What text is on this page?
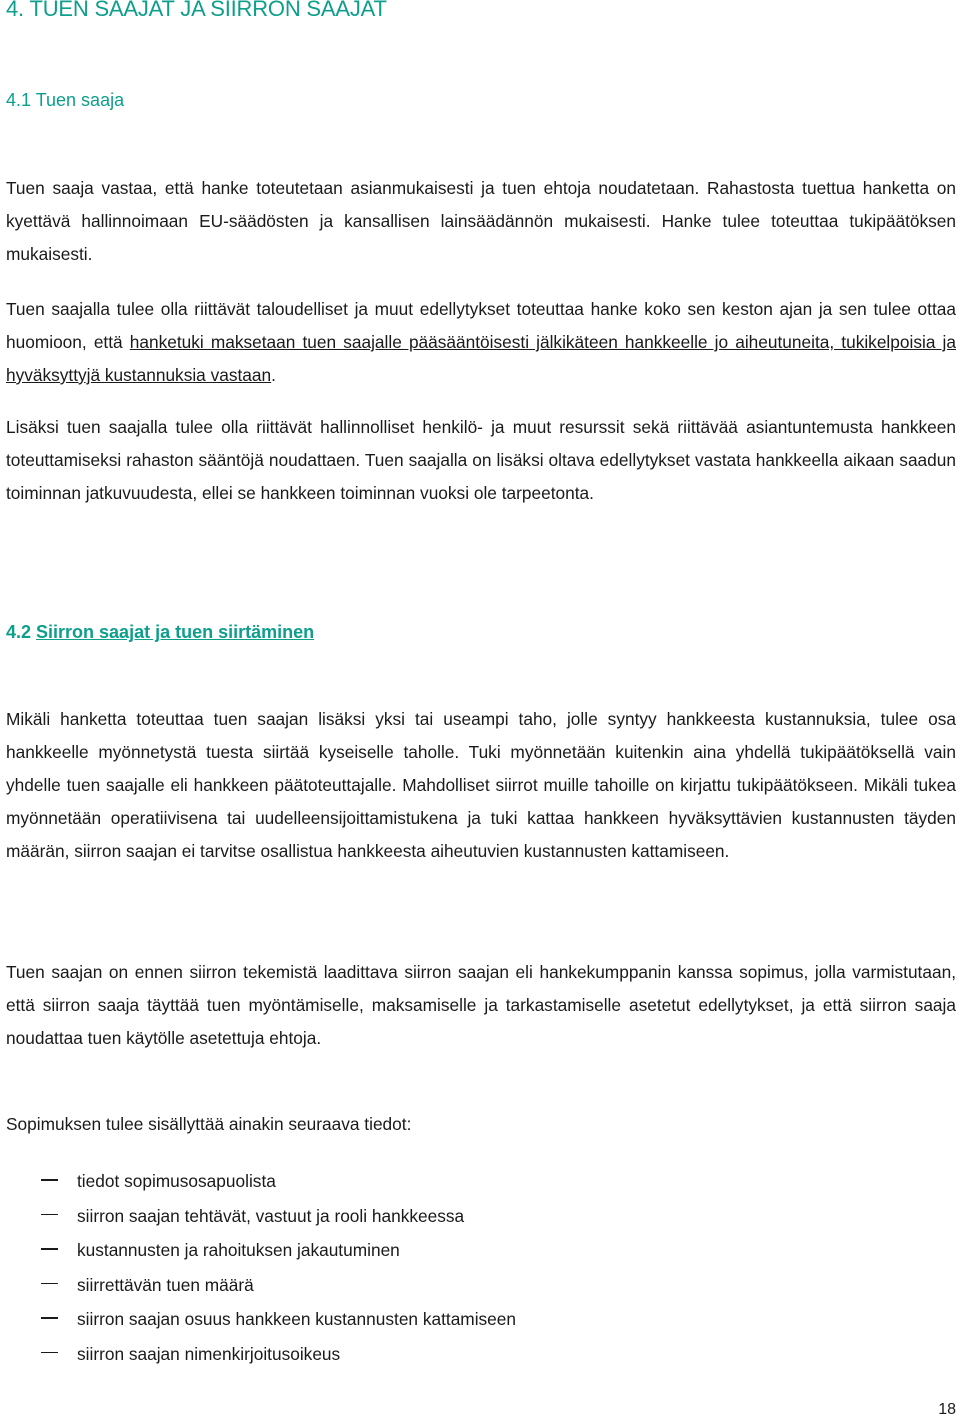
4. TUEN SAAJAT JA SIIRRON SAAJAT
4.1 Tuen saaja

Tuen saaja vastaa, että hanke toteutetaan asianmukaisesti ja tuen ehtoja noudatetaan. Rahastosta tuettua hanketta on kyettävä hallinnoimaan EU-säädösten ja kansallisen lainsäädännön mukaisesti. Hanke tulee toteuttaa tukipäätöksen mukaisesti.

Tuen saajalla tulee olla riittävät taloudelliset ja muut edellytykset toteuttaa hanke koko sen keston ajan ja sen tulee ottaa huomioon, että hanketuki maksetaan tuen saajalle pääsääntöisesti jälkikäteen hankkeelle jo aiheutuneita, tukikelpoisia ja hyväksyttyjä kustannuksia vastaan.

Lisäksi tuen saajalla tulee olla riittävät hallinnolliset henkilö- ja muut resurssit sekä riittävää asiantuntemusta hankkeen toteuttamiseksi rahaston sääntöjä noudattaen. Tuen saajalla on lisäksi oltava edellytykset vastata hankkeella aikaan saadun toiminnan jatkuvuudesta, ellei se hankkeen toiminnan vuoksi ole tarpeetonta.

4.2 Siirron saajat ja tuen siirtäminen

Mikäli hanketta toteuttaa tuen saajan lisäksi yksi tai useampi taho, jolle syntyy hankkeesta kustannuksia, tulee osa hankkeelle myönnetystä tuesta siirtää kyseiselle taholle. Tuki myönnetään kuitenkin aina yhdellä tukipäätöksellä vain yhdelle tuen saajalle eli hankkeen päätoteuttajalle. Mahdolliset siirrot muille tahoille on kirjattu tukipäätökseen. Mikäli tukea myönnetään operatiivisena tai uudelleensijoittamistukena ja tuki kattaa hankkeen hyväksyttävien kustannusten täyden määrän, siirron saajan ei tarvitse osallistua hankkeesta aiheutuvien kustannusten kattamiseen.

Tuen saajan on ennen siirron tekemistä laadittava siirron saajan eli hankekumppanin kanssa sopimus, jolla varmistutaan, että siirron saaja täyttää tuen myöntämiselle, maksamiselle ja tarkastamiselle asetetut edellytykset, ja että siirron saaja noudattaa tuen käytölle asetettuja ehtoja.

Sopimuksen tulee sisällyttää ainakin seuraava tiedot:

tiedot sopimusosapuolista
siirron saajan tehtävät, vastuut ja rooli hankkeessa
kustannusten ja rahoituksen jakautuminen
siirrettävän tuen määrä
siirron saajan osuus hankkeen kustannusten kattamiseen
siirron saajan nimenkirjoitusoikeus
18
